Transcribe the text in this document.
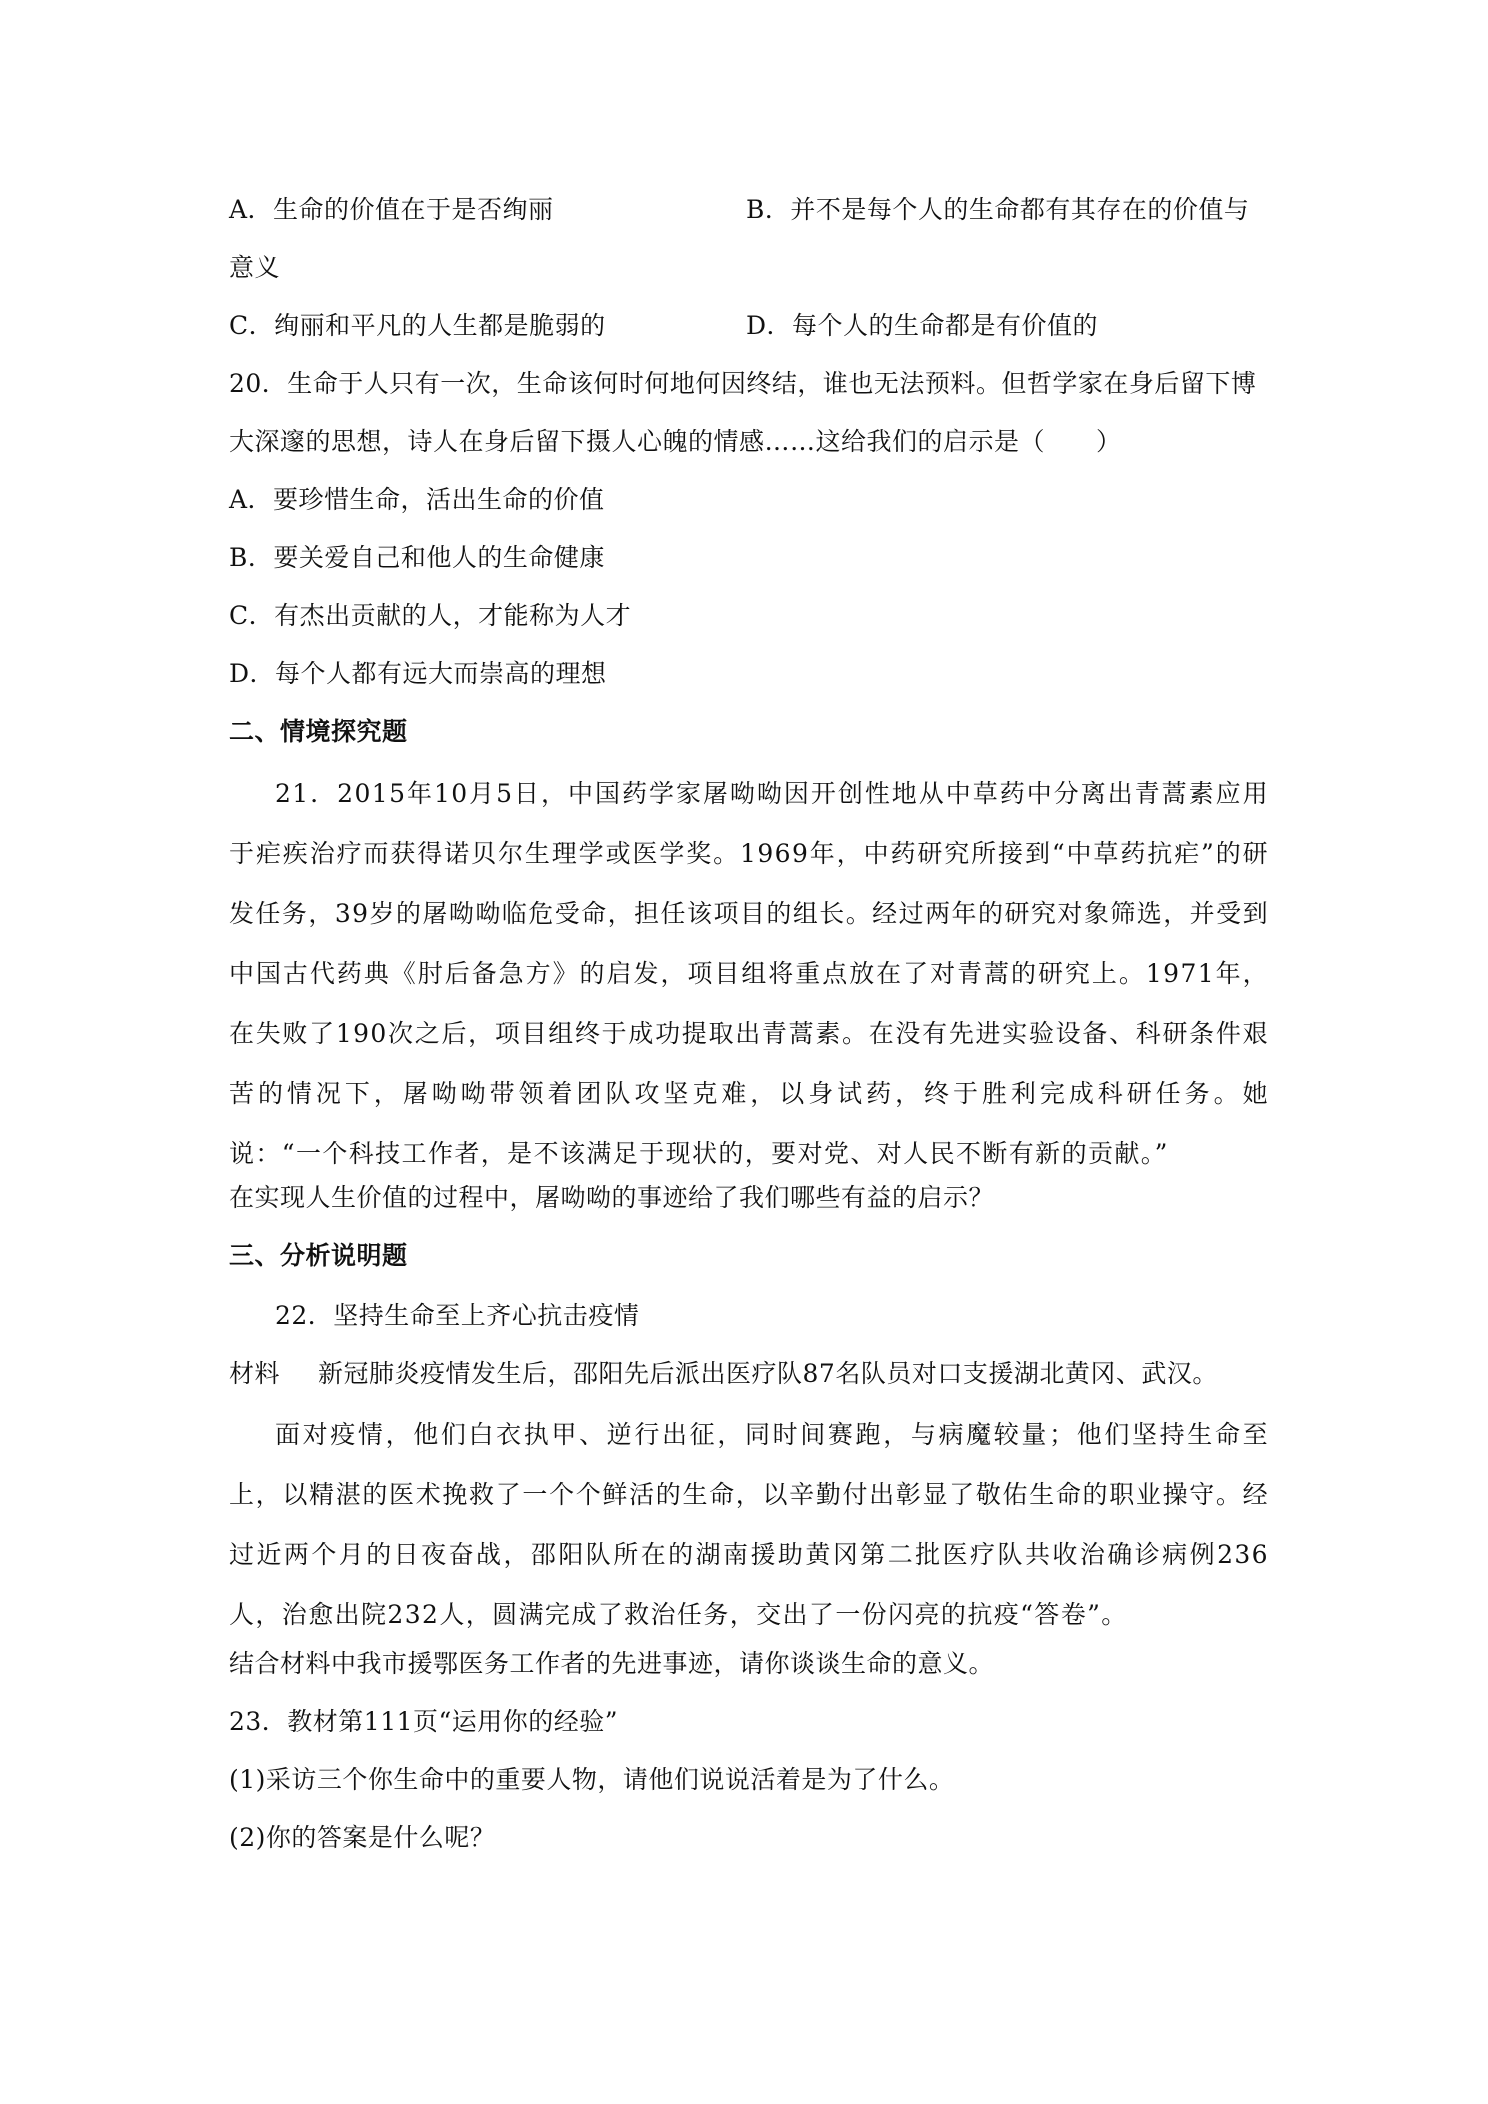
A．生命的价值在于是否绚丽	B．并不是每个人的生命都有其存在的价值与
意义
C．绚丽和平凡的人生都是脆弱的	D．每个人的生命都是有价值的
20．生命于人只有一次，生命该何时何地何因终结，谁也无法预料。但哲学家在身后留下博
大深邃的思想，诗人在身后留下摄人心魄的情感……这给我们的启示是（　　）
A．要珍惜生命，活出生命的价值
B．要关爱自己和他人的生命健康
C．有杰出贡献的人，才能称为人才
D．每个人都有远大而崇高的理想
二、情境探究题
21．2015年10月5日，中国药学家屠呦呦因开创性地从中草药中分离出青蒿素应用于疟疾治疗而获得诺贝尔生理学或医学奖。1969年，中药研究所接到“中草药抗疟”的研发任务，39岁的屠呦呦临危受命，担任该项目的组长。经过两年的研究对象筛选，并受到中国古代药典《肘后备急方》的启发，项目组将重点放在了对青蒿的研究上。1971年，在失败了190次之后，项目组终于成功提取出青蒿素。在没有先进实验设备、科研条件艰苦的情况下，屠呦呦带领着团队攻坚克难，以身试药，终于胜利完成科研任务。她说：“一个科技工作者，是不该满足于现状的，要对党、对人民不断有新的贡献。”
在实现人生价值的过程中，屠呦呦的事迹给了我们哪些有益的启示？
三、分析说明题
22．坚持生命至上齐心抗击疫情
材料 新冠肺炎疫情发生后，邵阳先后派出医疗队87名队员对口支援湖北黄冈、武汉。
面对疫情，他们白衣执甲、逆行出征，同时间赛跑，与病魔较量；他们坚持生命至上，以精湛的医术挽救了一个个鲜活的生命，以辛勤付出彰显了敬佑生命的职业操守。经过近两个月的日夜奋战，邵阳队所在的湖南援助黄冈第二批医疗队共收治确诊病例236人，治愈出院232人，圆满完成了救治任务，交出了一份闪亮的抗疫“答卷”。
结合材料中我市援鄂医务工作者的先进事迹，请你谈谈生命的意义。
23．教材第111页“运用你的经验”
(1)采访三个你生命中的重要人物，请他们说说活着是为了什么。
(2)你的答案是什么呢？
